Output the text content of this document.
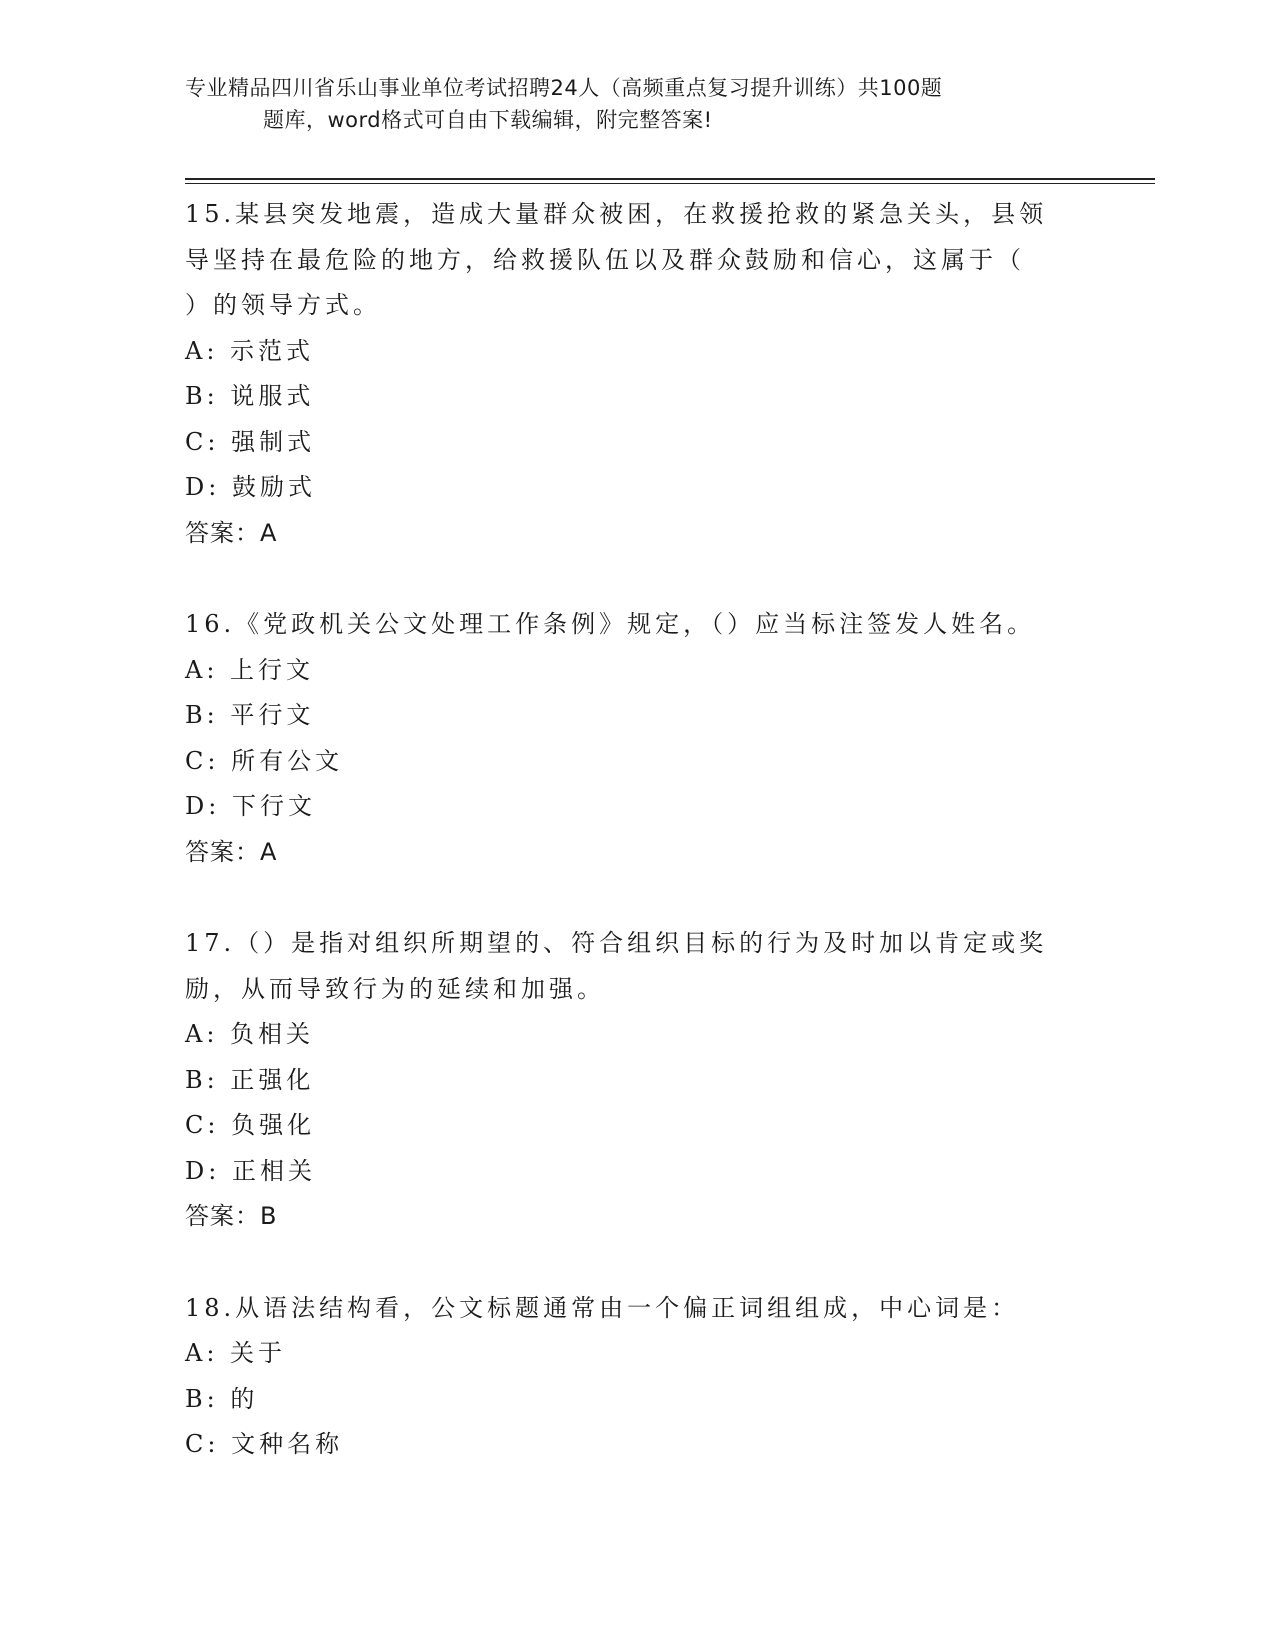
专业精品四川省乐山事业单位考试招聘24人（高频重点复习提升训练）共100题
题库，word格式可自由下载编辑，附完整答案!
15.某县突发地震，造成大量群众被困，在救援抢救的紧急关头，县领
导坚持在最危险的地方，给救援队伍以及群众鼓励和信心，这属于（
）的领导方式。
A: 示范式
B: 说服式
C: 强制式
D: 鼓励式
答案：A
16.《党政机关公文处理工作条例》规定，（）应当标注签发人姓名。
A: 上行文
B: 平行文
C: 所有公文
D: 下行文
答案：A
17.（）是指对组织所期望的、符合组织目标的行为及时加以肯定或奖
励，从而导致行为的延续和加强。
A: 负相关
B: 正强化
C: 负强化
D: 正相关
答案：B
18.从语法结构看，公文标题通常由一个偏正词组组成，中心词是：
A: 关于
B: 的
C: 文种名称
